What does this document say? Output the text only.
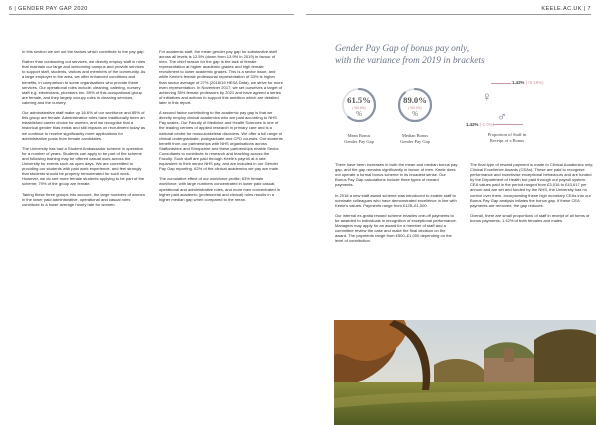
6 | GENDER PAY GAP 2020	KEELE.AC.UK | 7

In this section we set out the factors which contribute to the pay gap.

Rather than contracting out services, we directly employ staff in roles that maintain our large and welcoming campus and provide services to support staff, students, visitors and members of the community. As a large employer in the area, we offer enhanced conditions and benefits, in comparison to some organisations who provide these services. Our operational roles include; cleaning, catering, nursery staff e.g. electricians, plumbers etc. 59% of this occupational group are female, and they largely occupy roles in cleaning services, catering and the nursery.

Our administrative staff make up 16.6% of our workforce and 85% of this group are female. Administrative roles have traditionally been an established career choice for women, and we recognise that a historical gender bias exists and still impacts on recruitment today as we continue to receive significantly more applications for administrative posts from female candidates.

The University has had a Student Ambassador scheme in operation for a number of years. Students can apply to be part of the scheme and following training may be offered casual work across the University for events such as open days. We are committed to providing our students with paid work experience, and feel strongly that students should be properly remunerated for such work. However, we do see more female students applying to be part of the scheme; 79% of the group are female.

Taking these three groups into account, the large numbers of women in the lower paid administrative, operational and casual roles contribute to a lower average hourly rate for women.

For academic staff, the mean gender pay gap for substantive staff across all levels is 12.5% (down from 13.9% in 2019) in favour of men. The chief reason for the gap is the lack of female representation at higher academic grades and high female recruitment to lower academic grades. This is a sector issue, and while Keele's female professorial representation of 33% is higher than sector average of 27% (2018/19 HESA Data), we strive for more even representation. In November 2017, we set ourselves a target of achieving 35% female professors by 2021 and have agreed a series of initiatives and actions to support this ambition which are detailed later in this report.

A second factor contributing to the academic pay gap is that we directly employ clinical academics who are paid according to NHS Pay scales. Our Faculty of Medicine and Health Sciences is one of the leading centres of applied research in primary care and is a national centre for musculoskeletal disorders. We offer a full range of clinical undergraduate, postgraduate and CPD courses. Our students benefit from our partnerships with NHS organisations across Staffordshire and Shropshire and these partnerships enable Senior Consultants to contribute to research and teaching across the Faculty. Such staff are paid through Keele's payroll at a rate equivalent to their senior NHS pay, and are included in our Gender Pay Gap reporting. 62% of the clinical academics we pay are male.

The cumulative effect of our workforce profile; 63% female workforce, with large numbers concentrated in lower paid casual, operational and administrative roles, and more men concentrated in higher paid academic (professorial and clinical) roles results in a higher median gap when compared to the mean.

Gender Pay Gap of bonus pay only,
with the variance from 2019 in brackets
61.5%
(+65.8%)
%
Mean Bonus
Gender Pay Gap
89.0%
(+80.0%)
%
Median Bonus
Gender Pay Gap
1.42% (+0.18%)
♀
♂
1.42% (-1.0%)
Proportion of Staff in
Receipt of a Bonus

There have been increases in both the mean and median bonus pay gap, and the gap remains significantly in favour of men. Keele does not operate a formal bonus scheme in its broadest sense. Our Bonus Pay Gap calculations include three types of reward payments.

In 2018 a new staff award scheme was introduced to enable staff to nominate colleagues who have demonstrated excellence in line with Keele's values. Payments range from £125–£1,000.

Our internal ex-gratia reward scheme enables one-off payments to be awarded to individuals in recognition of exceptional performance. Managers may apply for an award for a member of staff and a committee review the case and make the final decision on the award. The payments range from £500–£1,000 depending on the level of contribution.

The final type of reward payment is made to Clinical Academics only; Clinical Excellence Awards (CEAs). These are paid to recognise performance and incentivise exceptional behaviours and are funded by the Department of Health but paid through our payroll system. CEA values paid in the period ranged from £3,016 to £43,617 per annum and are set and funded by the NHS, the University has no control over them. Incorporating these high monetary CEAs into our Bonus Pay Gap analysis inflates the bonus gap. If these CEA payments are removed, the gap reduces.

Overall, there are small proportions of staff in receipt of all forms of bonus payments; 1.42% of both females and males.
